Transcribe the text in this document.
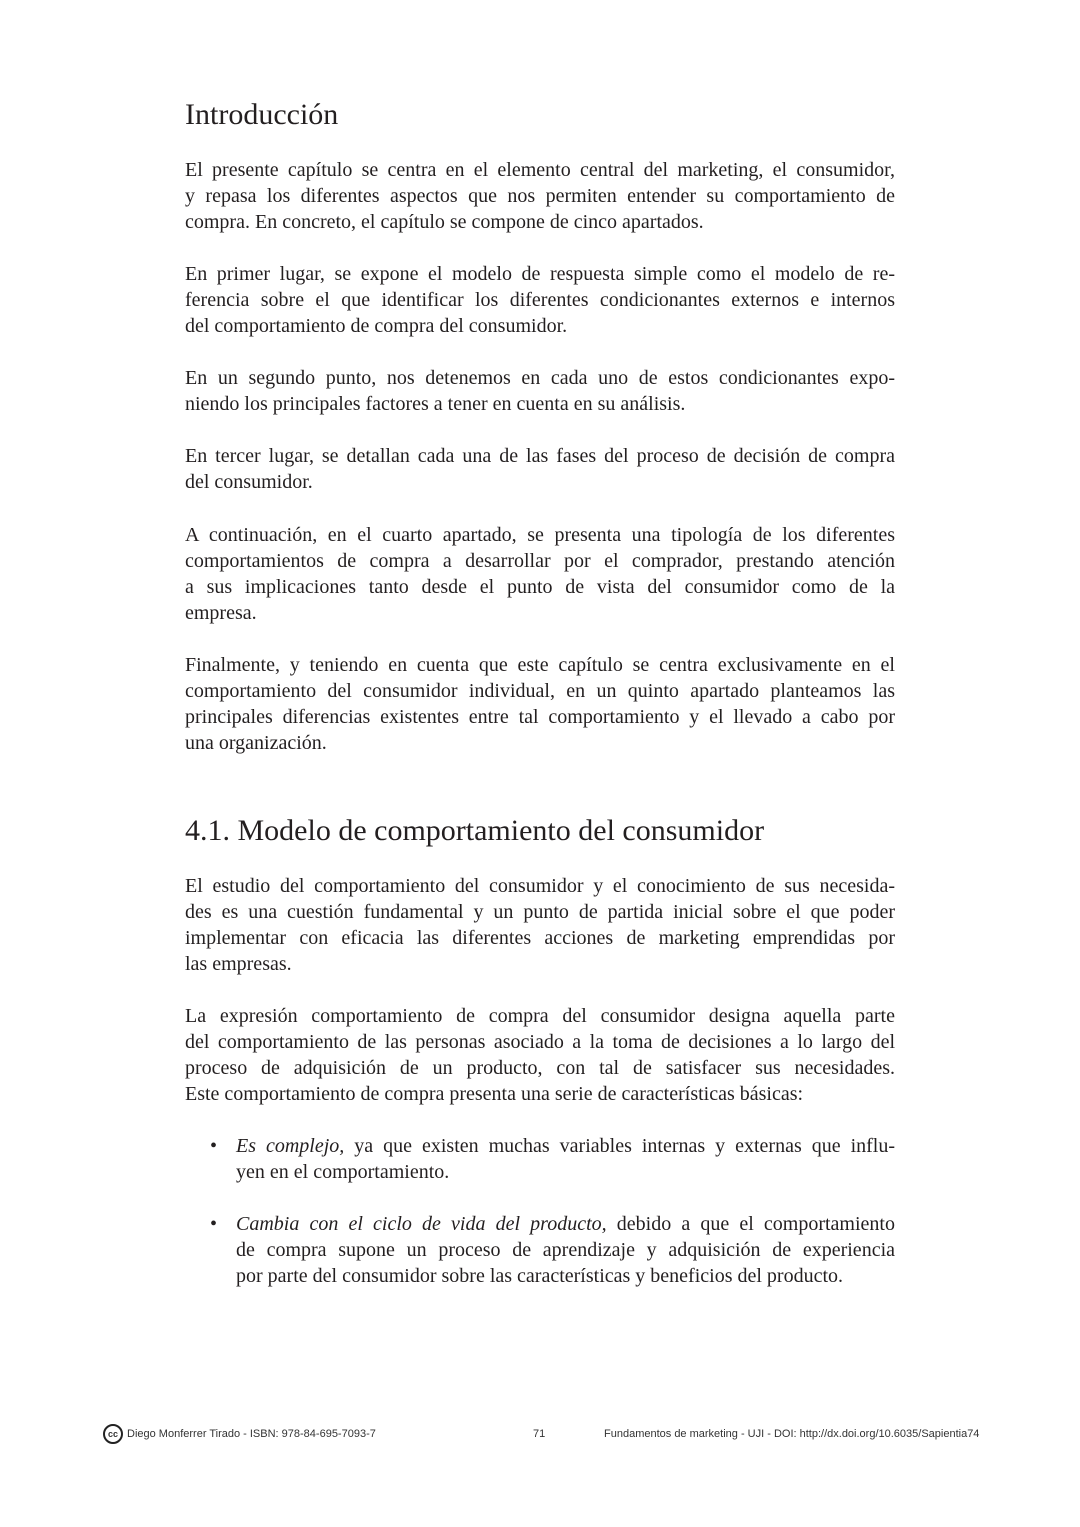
Introducción
El presente capítulo se centra en el elemento central del marketing, el consumidor,
y repasa los diferentes aspectos que nos permiten entender su comportamiento de
compra. En concreto, el capítulo se compone de cinco apartados.
En primer lugar, se expone el modelo de respuesta simple como el modelo de re-
ferencia sobre el que identificar los diferentes condicionantes externos e internos
del comportamiento de compra del consumidor.
En un segundo punto, nos detenemos en cada uno de estos condicionantes expo-
niendo los principales factores a tener en cuenta en su análisis.
En tercer lugar, se detallan cada una de las fases del proceso de decisión de compra
del consumidor.
A continuación, en el cuarto apartado, se presenta una tipología de los diferentes
comportamientos de compra a desarrollar por el comprador, prestando atención
a sus implicaciones tanto desde el punto de vista del consumidor como de la
empresa.
Finalmente, y teniendo en cuenta que este capítulo se centra exclusivamente en el
comportamiento del consumidor individual, en un quinto apartado planteamos las
principales diferencias existentes entre tal comportamiento y el llevado a cabo por
una organización.
4.1. Modelo de comportamiento del consumidor
El estudio del comportamiento del consumidor y el conocimiento de sus necesida-
des es una cuestión fundamental y un punto de partida inicial sobre el que poder
implementar con eficacia las diferentes acciones de marketing emprendidas por
las empresas.
La expresión comportamiento de compra del consumidor designa aquella parte
del comportamiento de las personas asociado a la toma de decisiones a lo largo del
proceso de adquisición de un producto, con tal de satisfacer sus necesidades.
Este comportamiento de compra presenta una serie de características básicas:
• Es complejo, ya que existen muchas variables internas y externas que influ-
yen en el comportamiento.
• Cambia con el ciclo de vida del producto, debido a que el comportamiento
de compra supone un proceso de aprendizaje y adquisición de experiencia
por parte del consumidor sobre las características y beneficios del producto.
cc Diego Monferrer Tirado - ISBN: 978-84-695-7093-7	71	Fundamentos de marketing - UJI - DOI: http://dx.doi.org/10.6035/Sapientia74
